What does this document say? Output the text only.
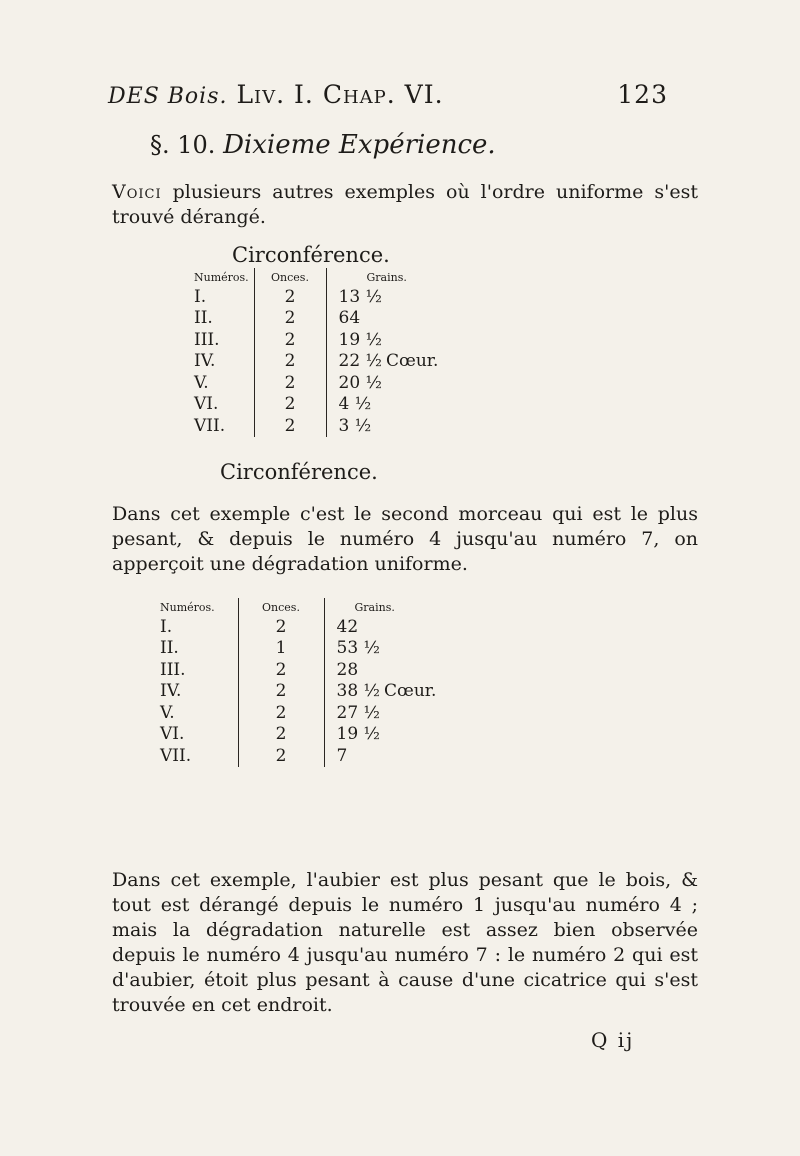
DES Bois. Liv. I. Chap. VI.	123
§. 10. Dixieme Expérience.
Voici plusieurs autres exemples où l'ordre uniforme s'est trouvé dérangé.
Circonférence.
Numéros.	Onces.	Grains.
I.	2	13 ½
II.	2	64
III.	2	19 ½
IV.	2	22 ½ Cœur.
V.	2	20 ½
VI.	2	4 ½
VII.	2	3 ½
Circonférence.
Dans cet exemple c'est le second morceau qui est le plus pesant, & depuis le numéro 4 jusqu'au numéro 7, on apperçoit une dégradation uniforme.
Numéros.	Onces.	Grains.
I.	2	42
II.	1	53 ½
III.	2	28
IV.	2	38 ½ Cœur.
V.	2	27 ½
VI.	2	19 ½
VII.	2	7
Dans cet exemple, l'aubier est plus pesant que le bois, & tout est dérangé depuis le numéro 1 jusqu'au numéro 4 ; mais la dégradation naturelle est assez bien observée depuis le numéro 4 jusqu'au numéro 7 : le numéro 2 qui est d'aubier, étoit plus pesant à cause d'une cicatrice qui s'est trouvée en cet endroit.
Q ij
